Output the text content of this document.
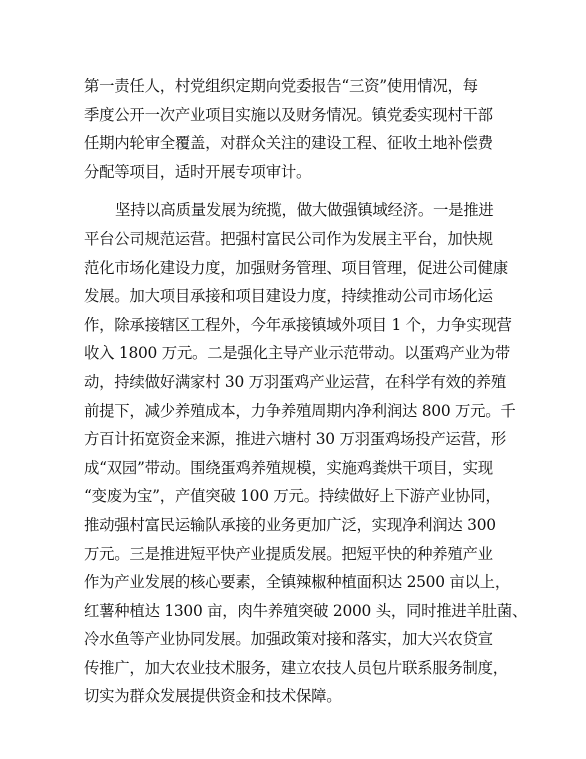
第一责任人，村党组织定期向党委报告“三资”使用情况，每
季度公开一次产业项目实施以及财务情况。镇党委实现村干部
任期内轮审全覆盖，对群众关注的建设工程、征收土地补偿费
分配等项目，适时开展专项审计。
坚持以高质量发展为统揽，做大做强镇域经济。一是推进
平台公司规范运营。把强村富民公司作为发展主平台，加快规
范化市场化建设力度，加强财务管理、项目管理，促进公司健康
发展。加大项目承接和项目建设力度，持续推动公司市场化运
作，除承接辖区工程外，今年承接镇域外项目 1 个，力争实现营
收入 1800 万元。二是强化主导产业示范带动。以蛋鸡产业为带
动，持续做好满家村 30 万羽蛋鸡产业运营，在科学有效的养殖
前提下，减少养殖成本，力争养殖周期内净利润达 800 万元。千
方百计拓宽资金来源，推进六塘村 30 万羽蛋鸡场投产运营，形
成“双园”带动。围绕蛋鸡养殖规模，实施鸡粪烘干项目，实现
“变废为宝”，产值突破 100 万元。持续做好上下游产业协同，
推动强村富民运输队承接的业务更加广泛，实现净利润达 300
万元。三是推进短平快产业提质发展。把短平快的种养殖产业
作为产业发展的核心要素，全镇辣椒种植面积达 2500 亩以上，
红薯种植达 1300 亩，肉牛养殖突破 2000 头，同时推进羊肚菌、
冷水鱼等产业协同发展。加强政策对接和落实，加大兴农贷宣
传推广，加大农业技术服务，建立农技人员包片联系服务制度，
切实为群众发展提供资金和技术保障。
